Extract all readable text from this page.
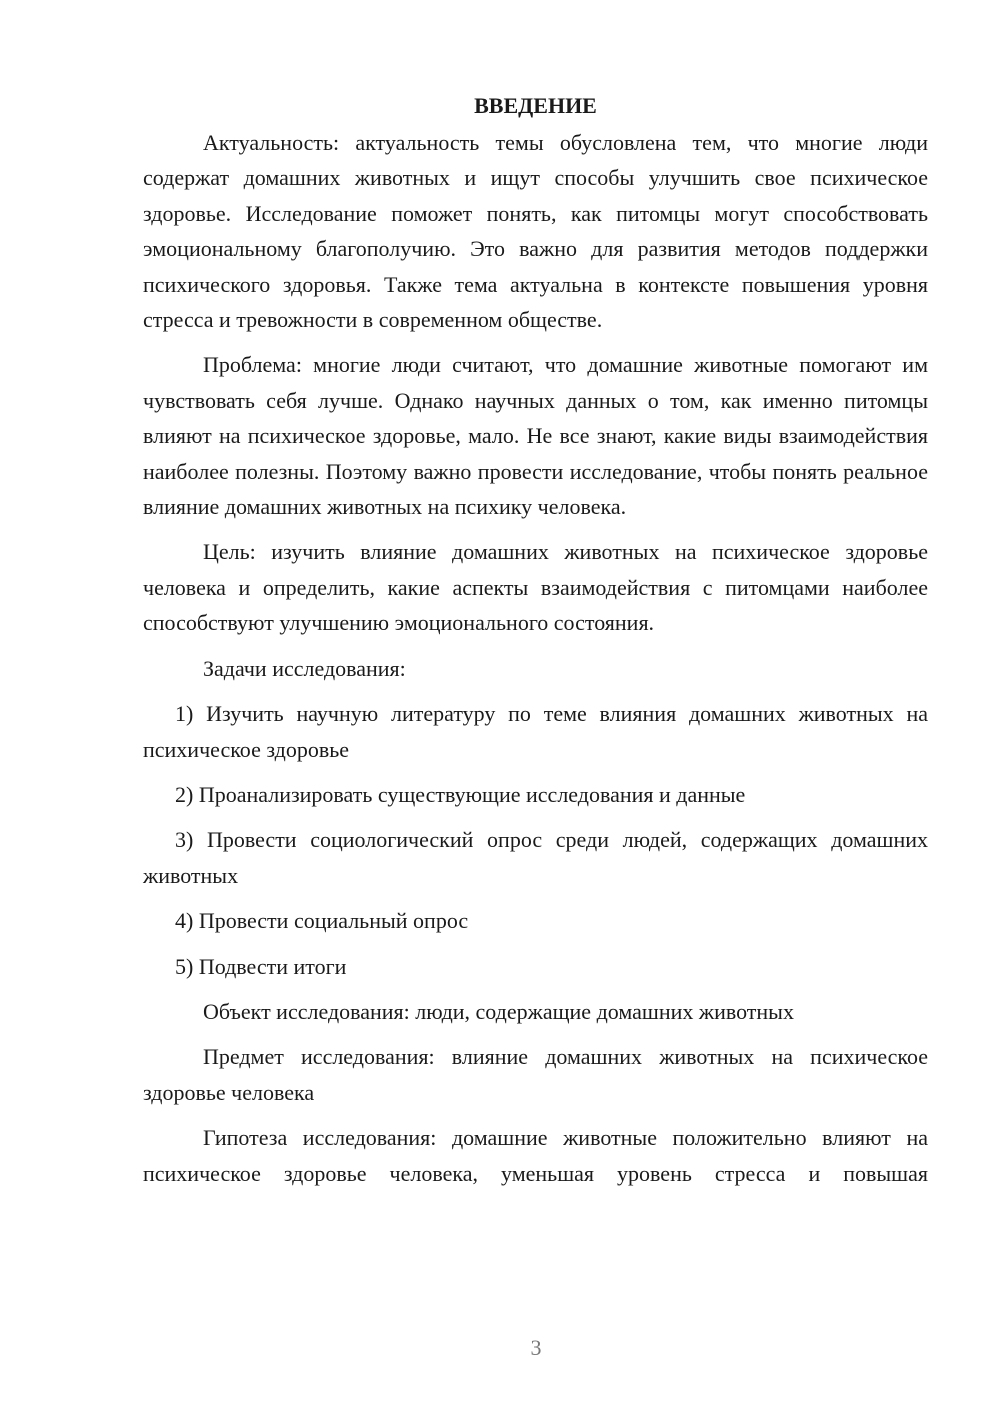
ВВЕДЕНИЕ

Актуальность: актуальность темы обусловлена тем, что многие люди содержат домашних животных и ищут способы улучшить свое психическое здоровье. Исследование поможет понять, как питомцы могут способствовать эмоциональному благополучию. Это важно для развития методов поддержки психического здоровья. Также тема актуальна в контексте повышения уровня стресса и тревожности в современном обществе.

Проблема: многие люди считают, что домашние животные помогают им чувствовать себя лучше. Однако научных данных о том, как именно питомцы влияют на психическое здоровье, мало. Не все знают, какие виды взаимодействия наиболее полезны. Поэтому важно провести исследование, чтобы понять реальное влияние домашних животных на психику человека.

Цель: изучить влияние домашних животных на психическое здоровье человека и определить, какие аспекты взаимодействия с питомцами наиболее способствуют улучшению эмоционального состояния.

Задачи исследования:

1) Изучить научную литературу по теме влияния домашних животных на психическое здоровье

2) Проанализировать существующие исследования и данные

3) Провести социологический опрос среди людей, содержащих домашних животных

4) Провести социальный опрос

5) Подвести итоги

Объект исследования: люди, содержащие домашних животных

Предмет исследования: влияние домашних животных на психическое здоровье человека

Гипотеза исследования: домашние животные положительно влияют на психическое здоровье человека, уменьшая уровень стресса и повышая

3
